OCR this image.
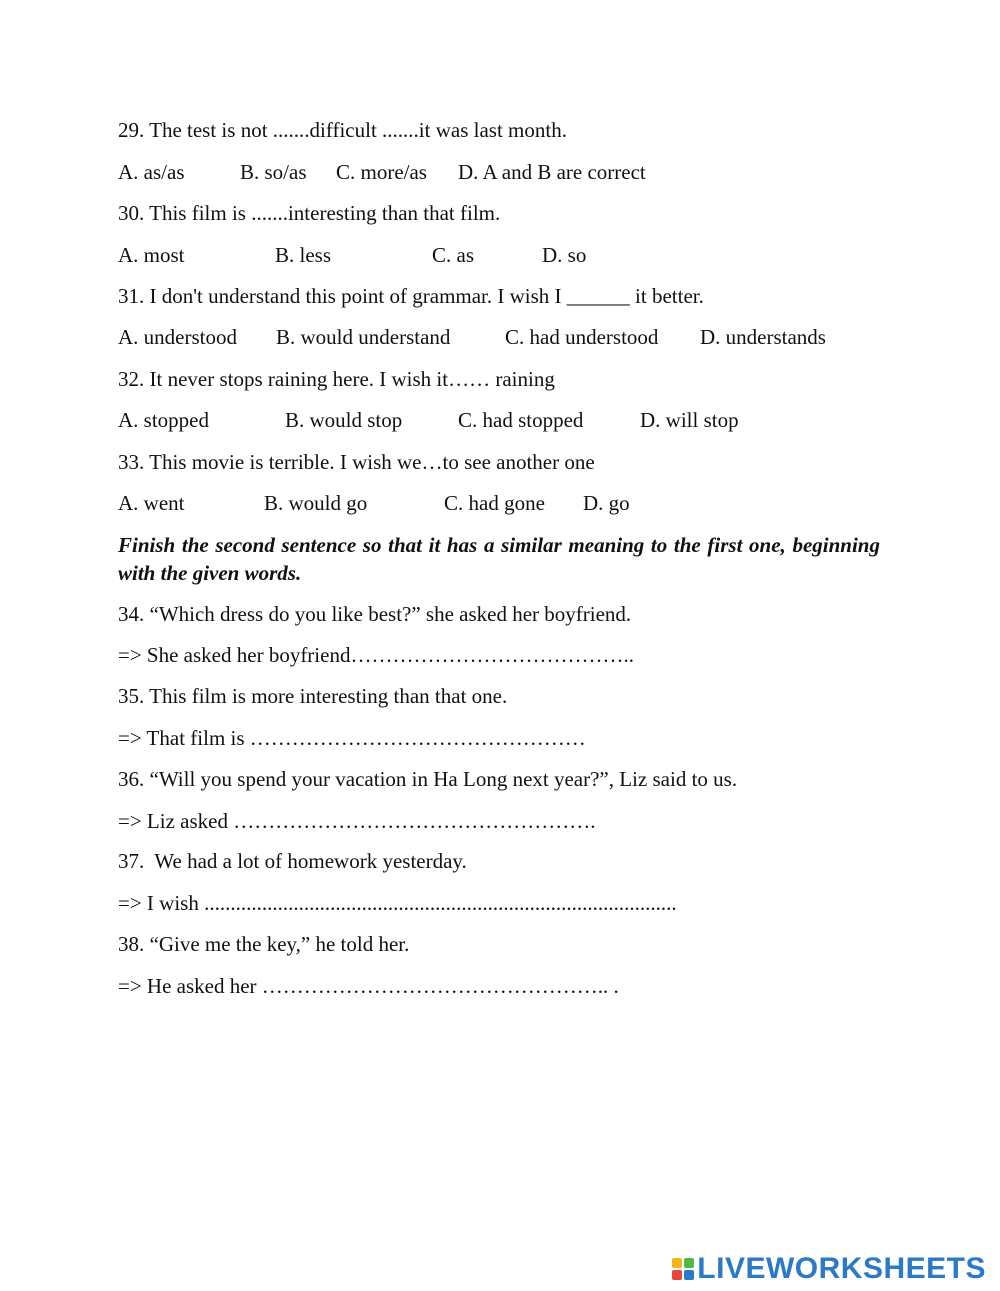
29. The test is not .......difficult .......it was last month.
A. as/as	B. so/as C. more/as D. A and B are correct
30. This film is .......interesting than that film.
A. most	B. less	C. as	D. so
31. I don't understand this point of grammar. I wish I ______ it better.
A. understood B. would understand	C. had understood D. understands
32. It never stops raining here. I wish it…… raining
A. stopped	B. would stop	C. had stopped	D. will stop
33. This movie is terrible. I wish we…to see another one
A. went	B. would go	C. had gone D. go
Finish the second sentence so that it has a similar meaning to the first one, beginning with the given words.
34. “Which dress do you like best?” she asked her boyfriend.
=> She asked her boyfriend…………………………………..
35. This film is more interesting than that one.
=> That film is …………………………………………
36. “Will you spend your vacation in Ha Long next year?”, Liz said to us.
=> Liz asked …………………………………………….
37.  We had a lot of homework yesterday.
=> I wish ..........................................................................................
38. “Give me the key,” he told her.
=> He asked her ………………………………………….. .
LIVEWORKSHEETS
